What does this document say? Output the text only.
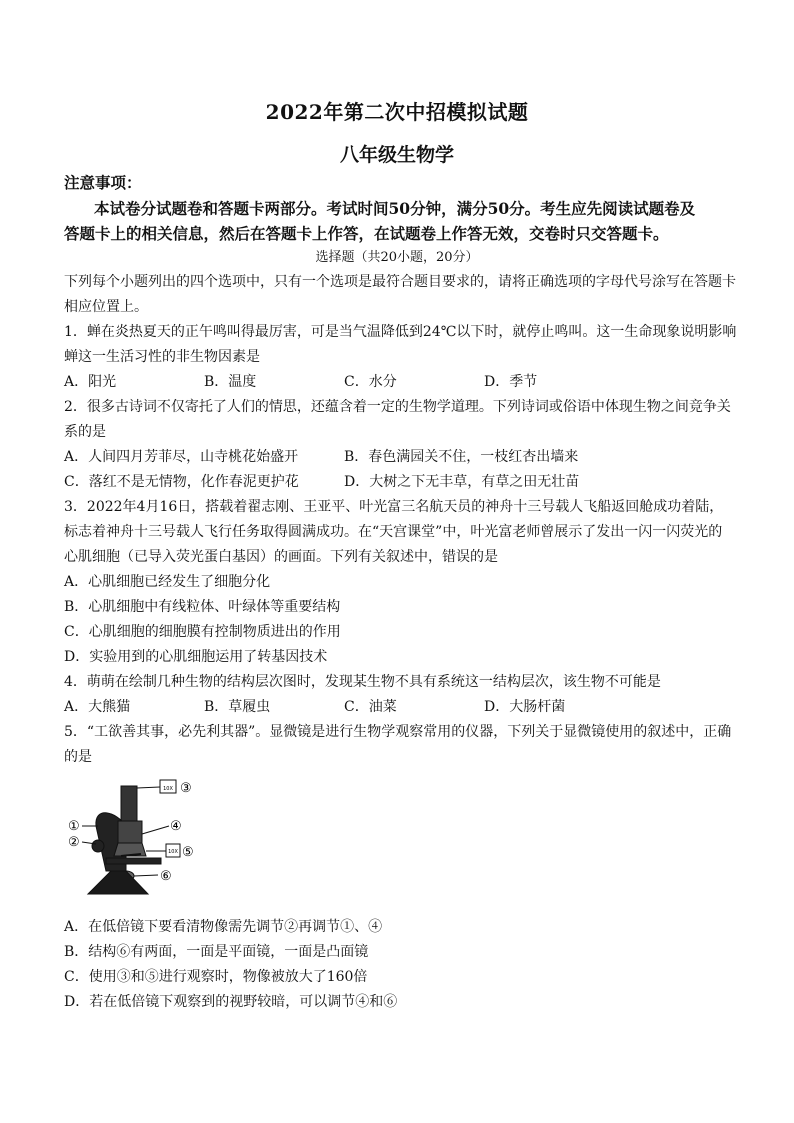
2022年第二次中招模拟试题
八年级生物学
注意事项：
本试卷分试题卷和答题卡两部分。考试时间50分钟，满分50分。考生应先阅读试题卷及
答题卡上的相关信息，然后在答题卡上作答，在试题卷上作答无效，交卷时只交答题卡。
选择题（共20小题，20分）
下列每个小题列出的四个选项中，只有一个选项是最符合题目要求的，请将正确选项的字母代号涂写在答题卡
相应位置上。
1．蝉在炎热夏天的正午鸣叫得最厉害，可是当气温降低到24℃以下时，就停止鸣叫。这一生命现象说明影响
蝉这一生活习性的非生物因素是
A．阳光	B．温度	C．水分	D．季节
2．很多古诗词不仅寄托了人们的情思，还蕴含着一定的生物学道理。下列诗词或俗语中体现生物之间竞争关
系的是
A．人间四月芳菲尽，山寺桃花始盛开	B．春色满园关不住，一枝红杏出墙来
C．落红不是无情物，化作春泥更护花	D．大树之下无丰草，有草之田无壮苗
3．2022年4月16日，搭载着翟志刚、王亚平、叶光富三名航天员的神舟十三号载人飞船返回舱成功着陆，
标志着神舟十三号载人飞行任务取得圆满成功。在“天宫课堂”中，叶光富老师曾展示了发出一闪一闪荧光的
心肌细胞（已导入荧光蛋白基因）的画面。下列有关叙述中，错误的是
A．心肌细胞已经发生了细胞分化
B．心肌细胞中有线粒体、叶绿体等重要结构
C．心肌细胞的细胞膜有控制物质进出的作用
D．实验用到的心肌细胞运用了转基因技术
4．萌萌在绘制几种生物的结构层次图时，发现某生物不具有系统这一结构层次，该生物不可能是
A．大熊猫	B．草履虫	C．油菜	D．大肠杆菌
5．“工欲善其事，必先利其器”。显微镜是进行生物学观察常用的仪器，下列关于显微镜使用的叙述中，正确
的是
10X ③
①
②
④
10X ⑤
⑥
A．在低倍镜下要看清物像需先调节②再调节①、④
B．结构⑥有两面，一面是平面镜，一面是凸面镜
C．使用③和⑤进行观察时，物像被放大了160倍
D．若在低倍镜下观察到的视野较暗，可以调节④和⑥
